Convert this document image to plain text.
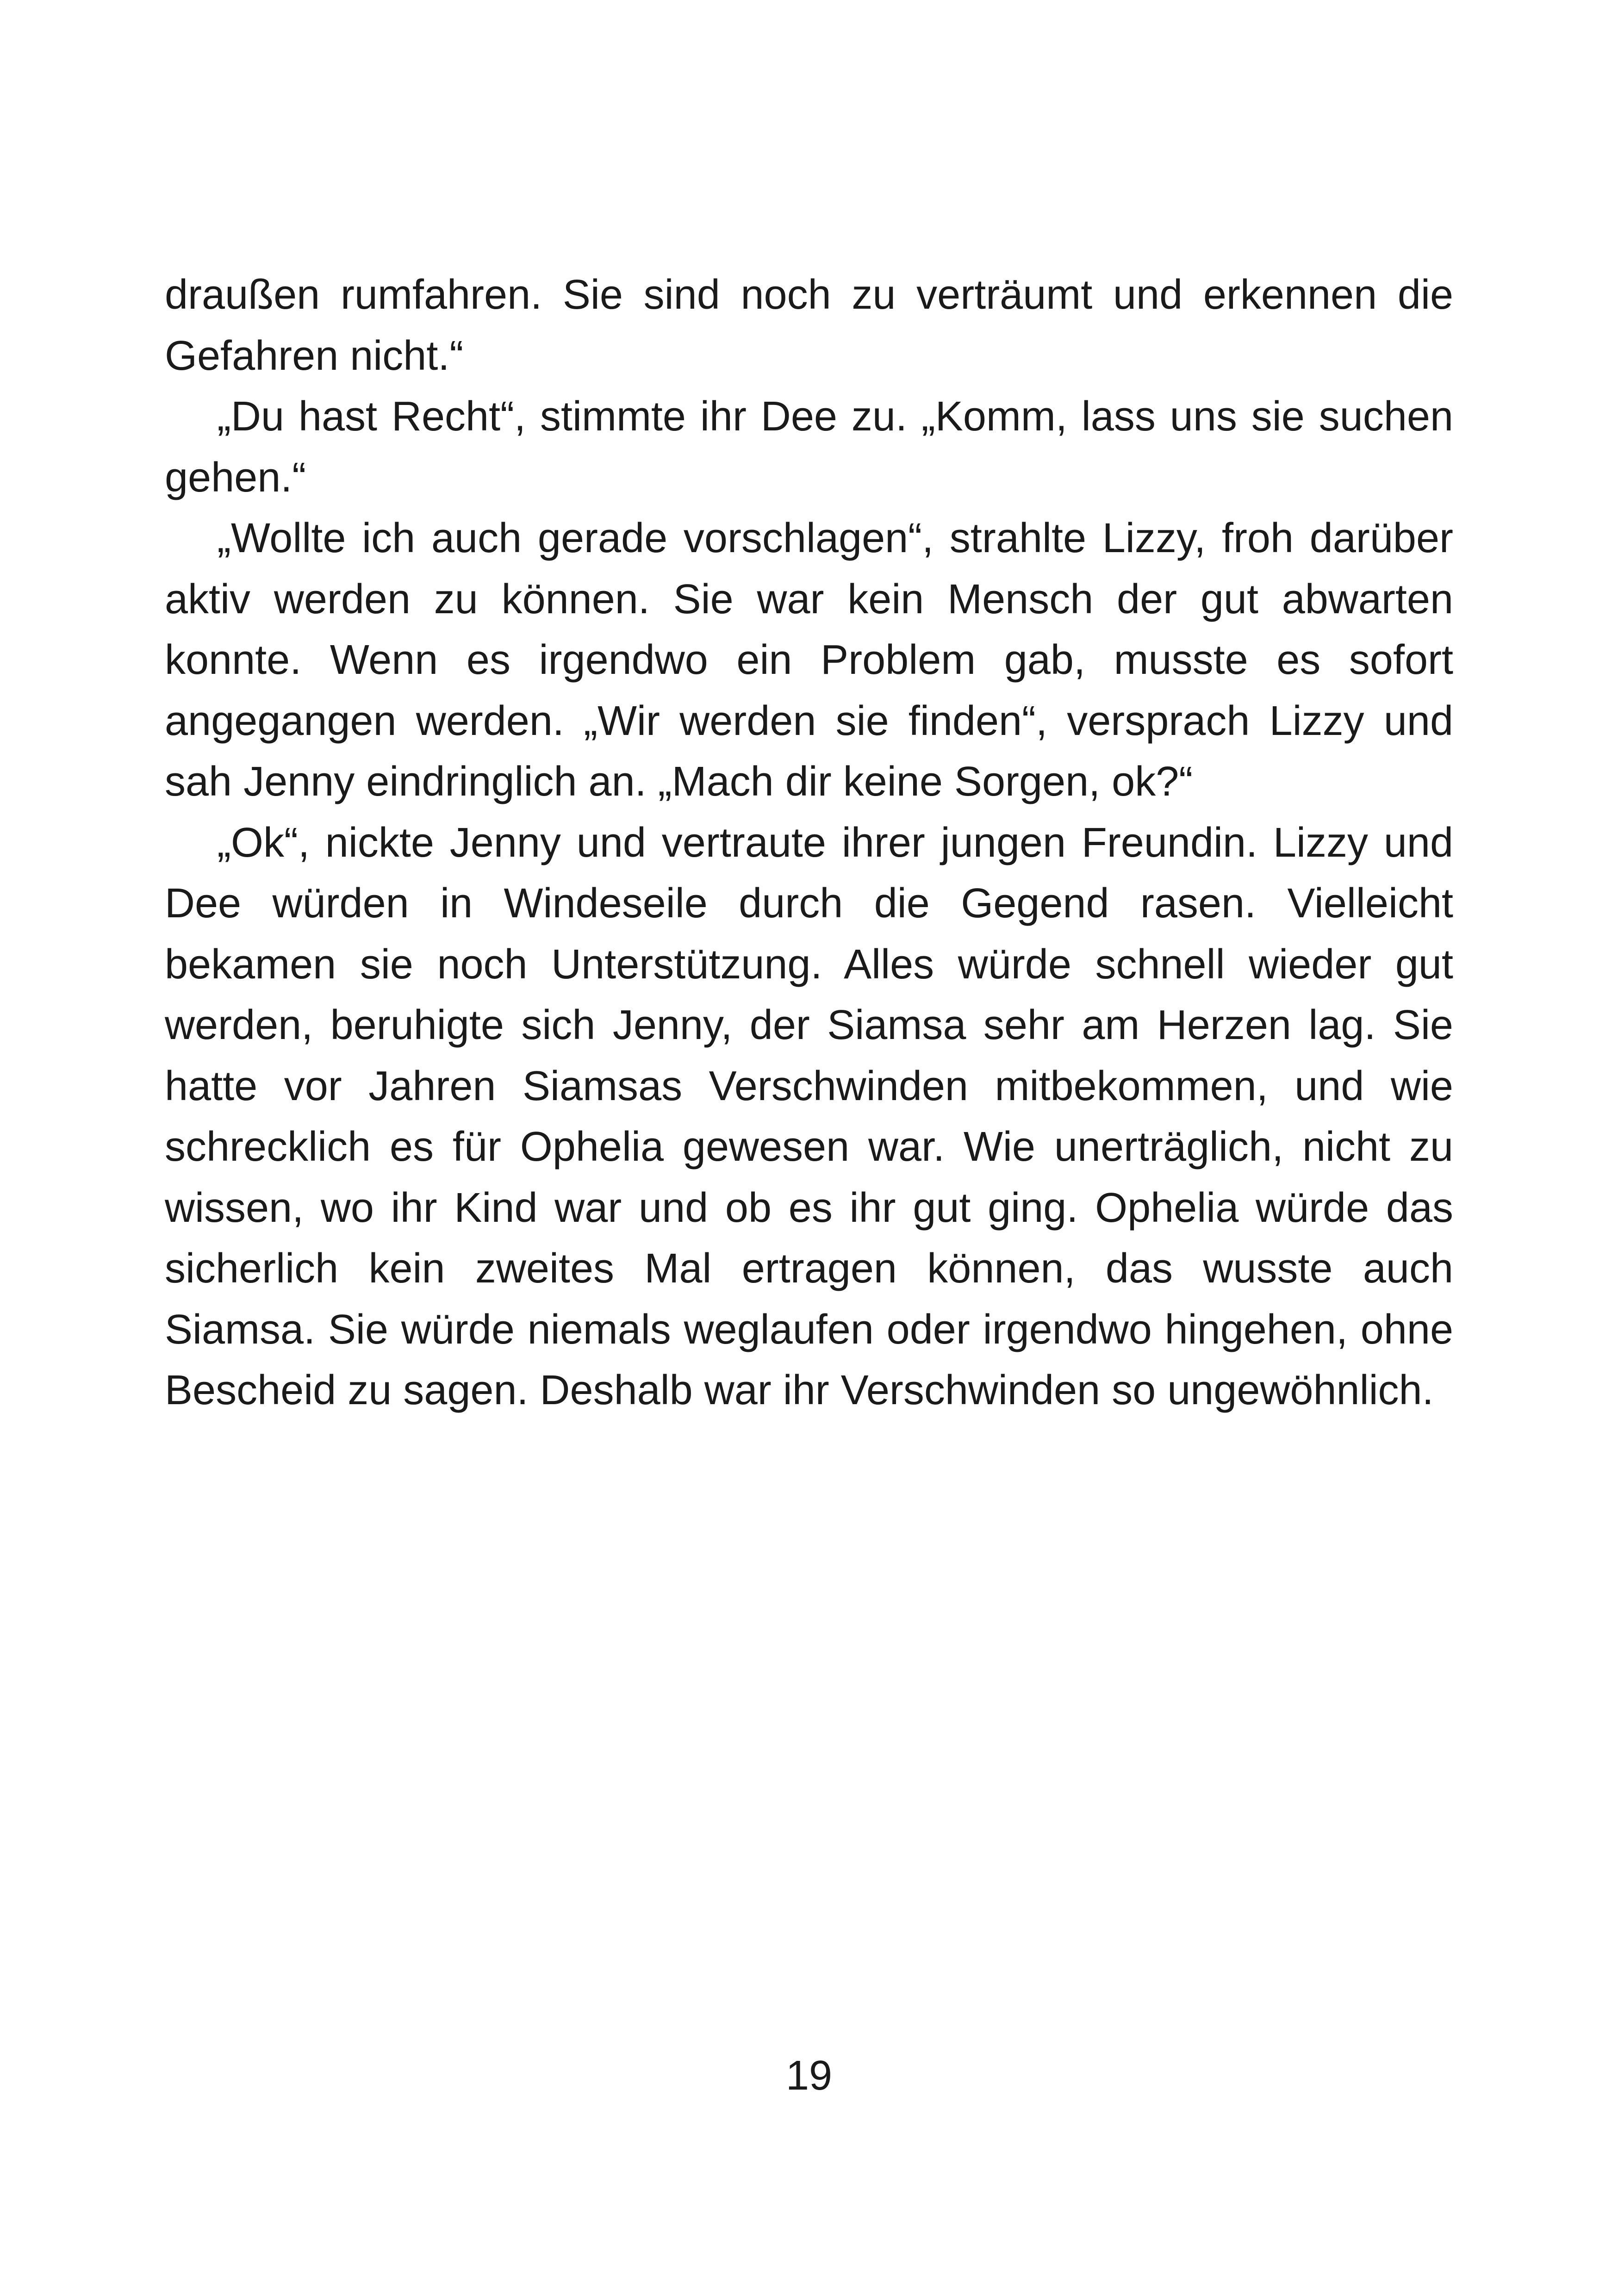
draußen rumfahren. Sie sind noch zu verträumt und erkennen die Gefahren nicht.“

„Du hast Recht“, stimmte ihr Dee zu. „Komm, lass uns sie suchen gehen.“

„Wollte ich auch gerade vorschlagen“, strahlte Lizzy, froh darüber aktiv werden zu können. Sie war kein Mensch der gut abwarten konnte. Wenn es irgendwo ein Problem gab, musste es sofort angegangen werden. „Wir werden sie finden“, versprach Lizzy und sah Jenny eindringlich an. „Mach dir keine Sorgen, ok?“

„Ok“, nickte Jenny und vertraute ihrer jungen Freundin. Lizzy und Dee würden in Windeseile durch die Gegend rasen. Vielleicht bekamen sie noch Unterstützung. Alles würde schnell wieder gut werden, beruhigte sich Jenny, der Siamsa sehr am Herzen lag. Sie hatte vor Jahren Siamsas Verschwinden mitbekommen, und wie schrecklich es für Ophelia gewesen war. Wie unerträglich, nicht zu wissen, wo ihr Kind war und ob es ihr gut ging. Ophelia würde das sicherlich kein zweites Mal ertragen können, das wusste auch Siamsa. Sie würde niemals weglaufen oder irgendwo hingehen, ohne Bescheid zu sagen. Deshalb war ihr Verschwinden so ungewöhnlich.

19
